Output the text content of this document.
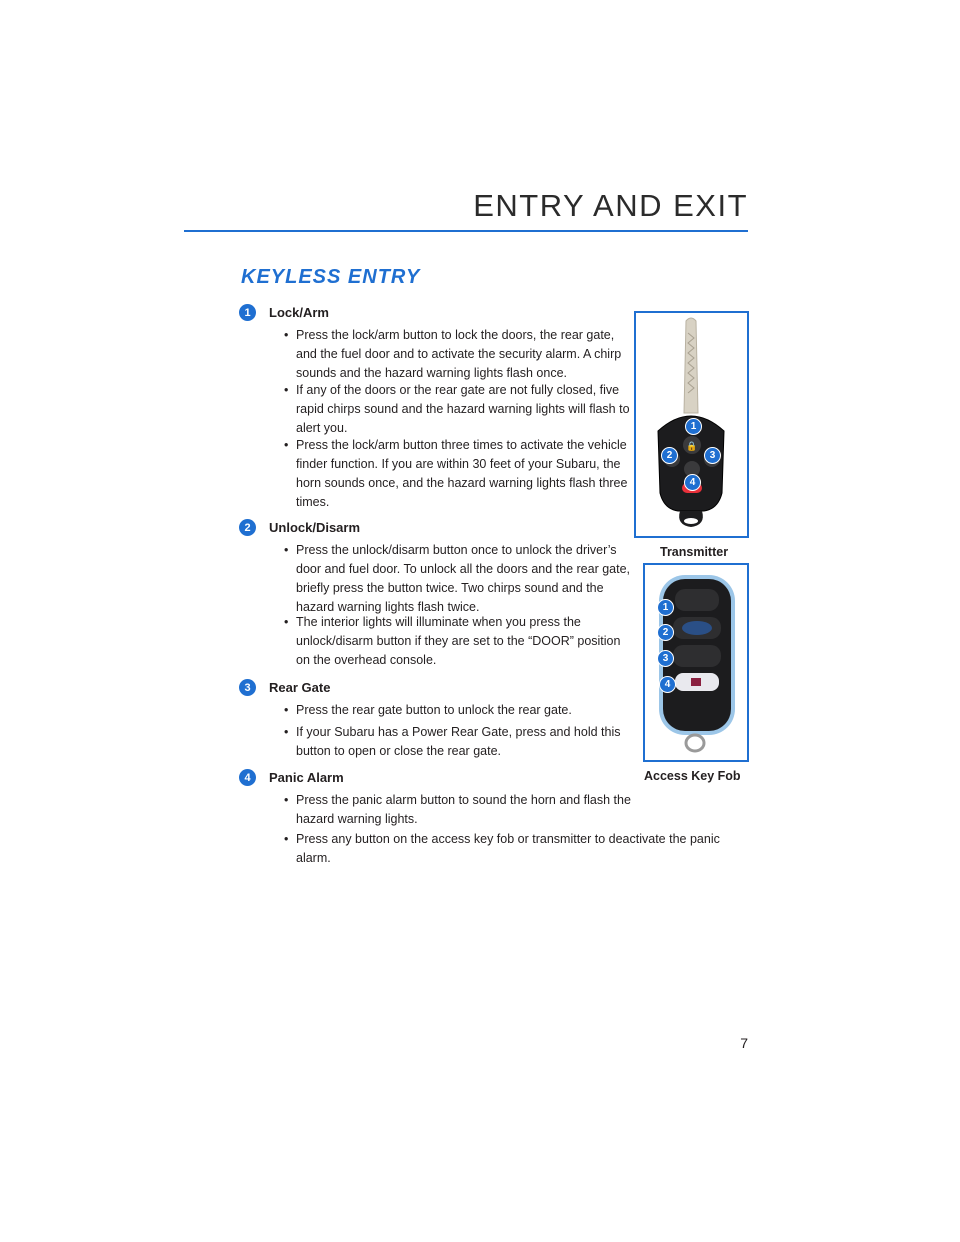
ENTRY AND EXIT
KEYLESS ENTRY
1	Lock/Arm
• Press the lock/arm button to lock the doors, the rear gate, and the fuel door and to activate the security alarm. A chirp sounds and the hazard warning lights flash once.
• If any of the doors or the rear gate are not fully closed, five rapid chirps sound and the hazard warning lights will flash to alert you.
• Press the lock/arm button three times to activate the vehicle finder function. If you are within 30 feet of your Subaru, the horn sounds once, and the hazard warning lights flash three times.
2	Unlock/Disarm
• Press the unlock/disarm button once to unlock the driver’s door and fuel door. To unlock all the doors and the rear gate, briefly press the button twice. Two chirps sound and the hazard warning lights flash twice.
• The interior lights will illuminate when you press the unlock/disarm button if they are set to the “DOOR” position on the overhead console.
3	Rear Gate
• Press the rear gate button to unlock the rear gate.
• If your Subaru has a Power Rear Gate, press and hold this button to open or close the rear gate.
4	Panic Alarm
• Press the panic alarm button to sound the horn and flash the hazard warning lights.
• Press any button on the access key fob or transmitter to deactivate the panic alarm.
🔒
1
2	3
4
Transmitter
1
2
3
4
Access Key Fob
7
